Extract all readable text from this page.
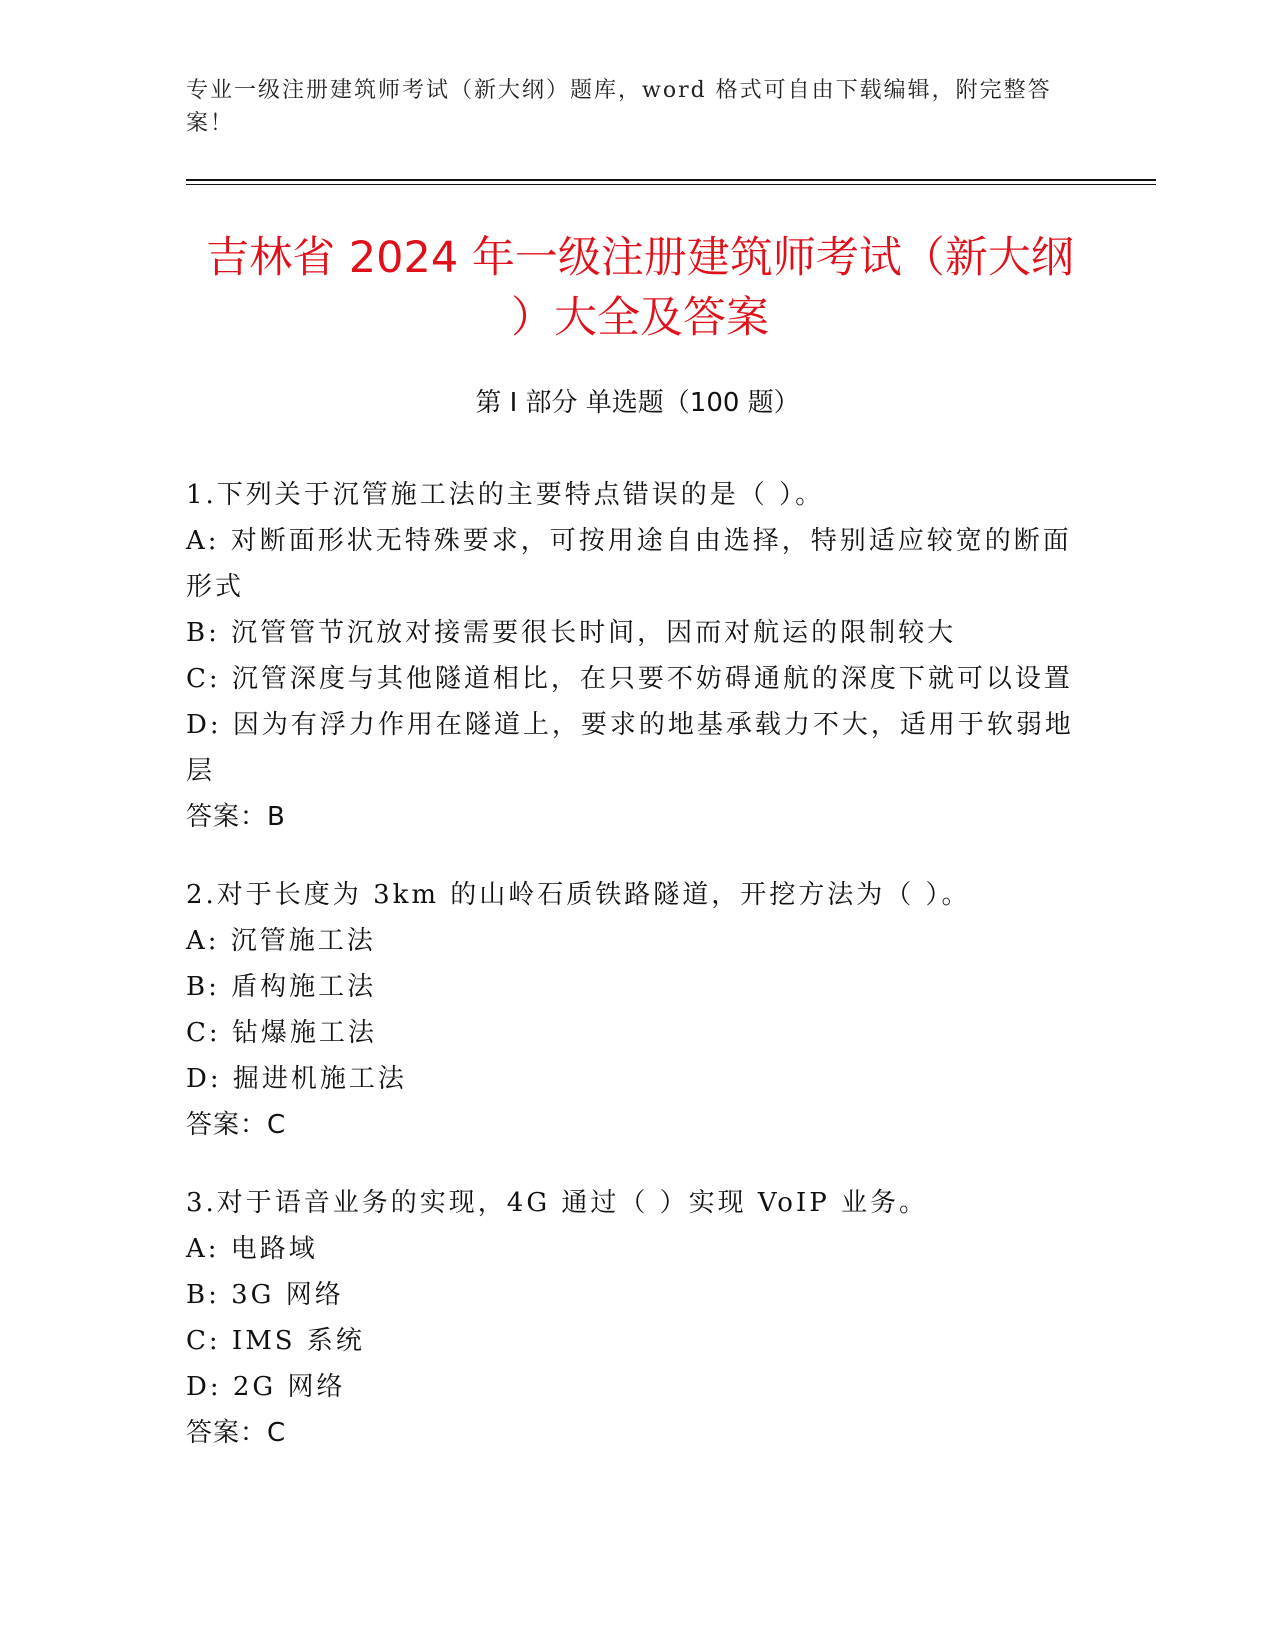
专业一级注册建筑师考试（新大纲）题库，word 格式可自由下载编辑，附完整答案！
吉林省 2024 年一级注册建筑师考试（新大纲
）大全及答案
第 I 部分 单选题（100 题）
1.下列关于沉管施工法的主要特点错误的是（ ）。
A: 对断面形状无特殊要求，可按用途自由选择，特别适应较宽的断面形式
B: 沉管管节沉放对接需要很长时间，因而对航运的限制较大
C: 沉管深度与其他隧道相比，在只要不妨碍通航的深度下就可以设置
D: 因为有浮力作用在隧道上，要求的地基承载力不大，适用于软弱地层
答案：B
2.对于长度为 3km 的山岭石质铁路隧道，开挖方法为（ ）。
A: 沉管施工法
B: 盾构施工法
C: 钻爆施工法
D: 掘进机施工法
答案：C
3.对于语音业务的实现，4G 通过（ ）实现 VoIP 业务。
A: 电路域
B: 3G 网络
C: IMS 系统
D: 2G 网络
答案：C
